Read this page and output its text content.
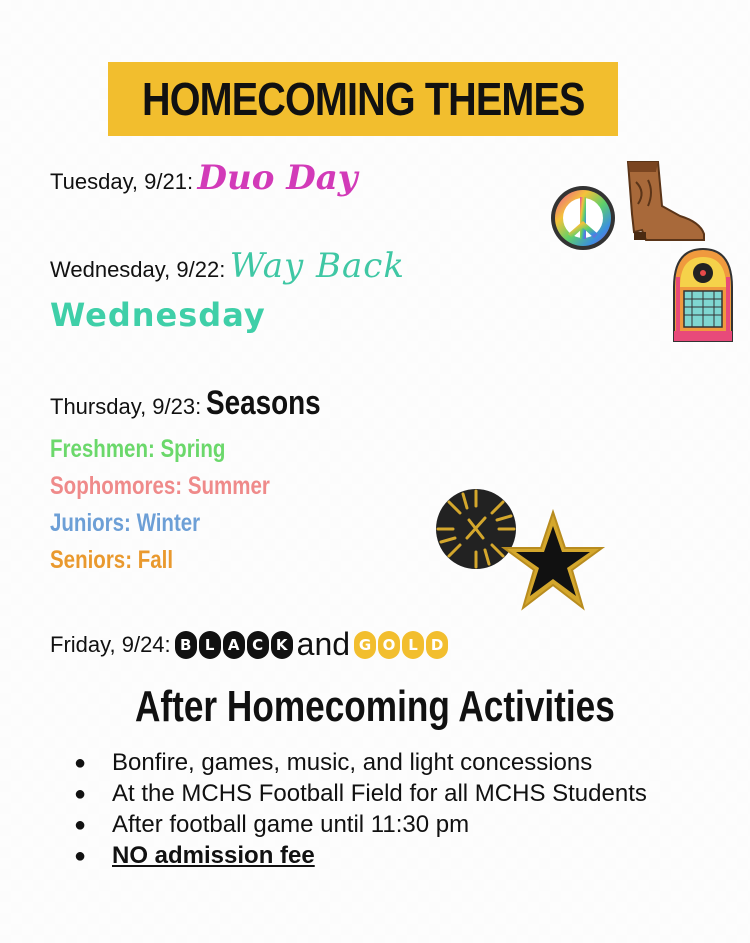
HOMECOMING THEMES
Tuesday, 9/21: Duo Day
Wednesday, 9/22: Way Back
Wednesday
Thursday, 9/23: Seasons
Freshmen: Spring
Sophomores: Summer
Juniors: Winter
Seniors: Fall
Friday, 9/24: B L A C K and G O L D
After Homecoming Activities
● Bonfire, games, music, and light concessions
● At the MCHS Football Field for all MCHS Students
● After football game until 11:30 pm
● NO admission fee
